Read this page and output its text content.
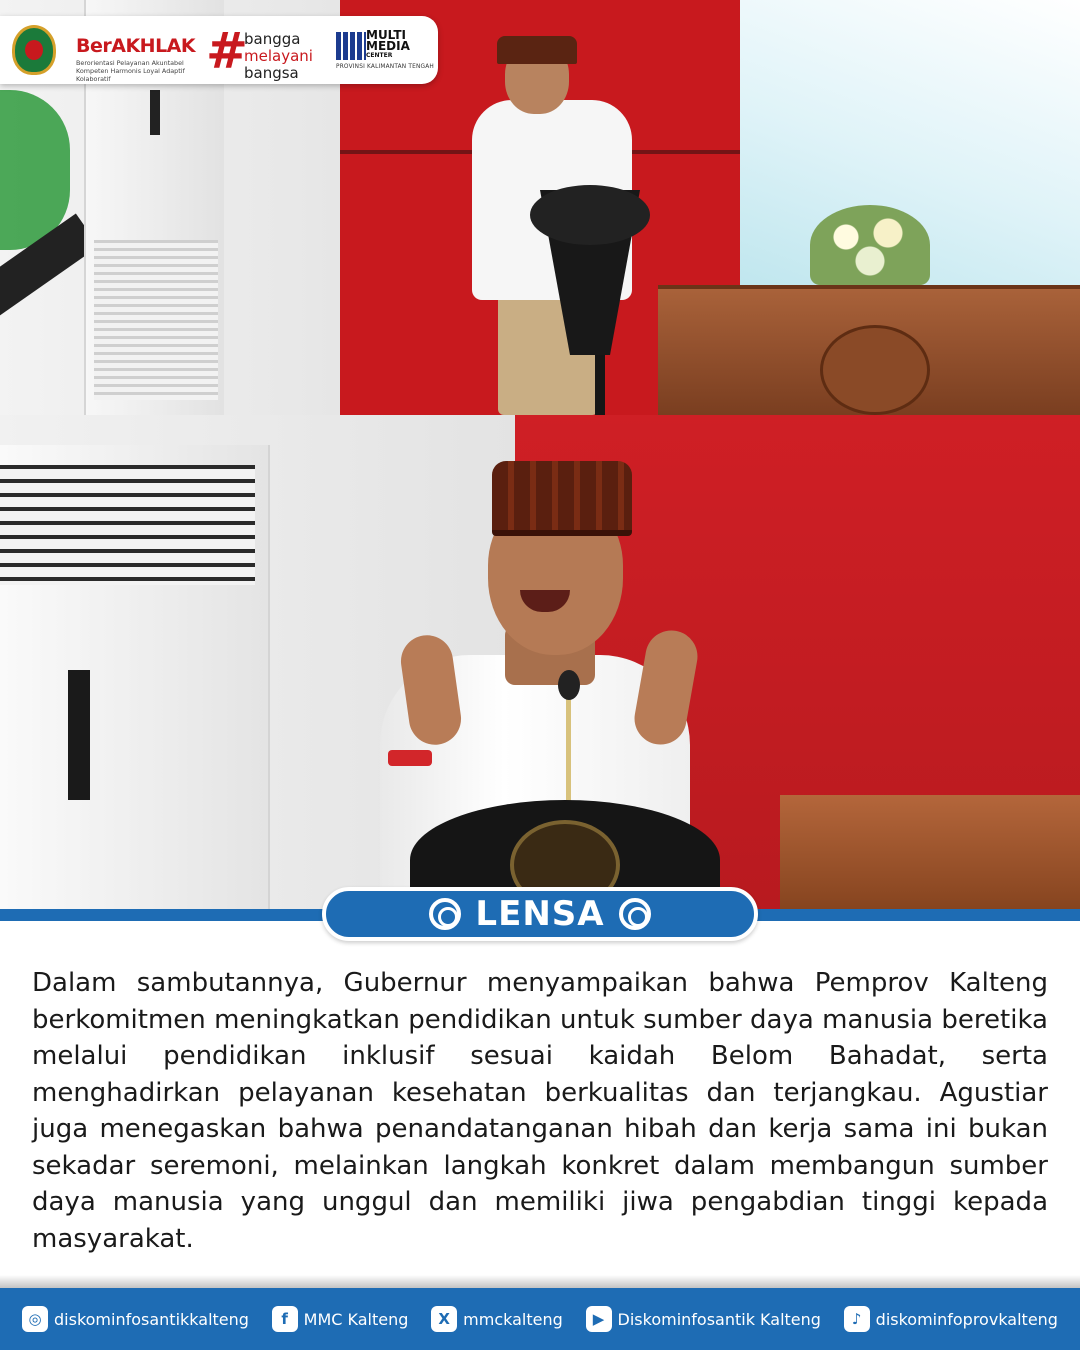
BerAKHLAK
Berorientasi Pelayanan Akuntabel Kompeten Harmonis Loyal Adaptif Kolaboratif	#
bangga
melayani
bangsa
MULTI
MEDIA
CENTER
PROVINSI KALIMANTAN TENGAH
LENSA

Dalam sambutannya, Gubernur menyampaikan bahwa Pemprov Kalteng berkomitmen meningkatkan pendidikan untuk sumber daya manusia beretika melalui pendidikan inklusif sesuai kaidah Belom Bahadat, serta menghadirkan pelayanan kesehatan berkualitas dan terjangkau. Agustiar juga menegaskan bahwa penandatanganan hibah dan kerja sama ini bukan sekadar seremoni, melainkan langkah konkret dalam membangun sumber daya manusia yang unggul dan memiliki jiwa pengabdian tinggi kepada masyarakat.

◎ diskominfosantikkalteng	f MMC Kalteng	X mmckalteng	▶ Diskominfosantik Kalteng	♪ diskominfoprovkalteng
